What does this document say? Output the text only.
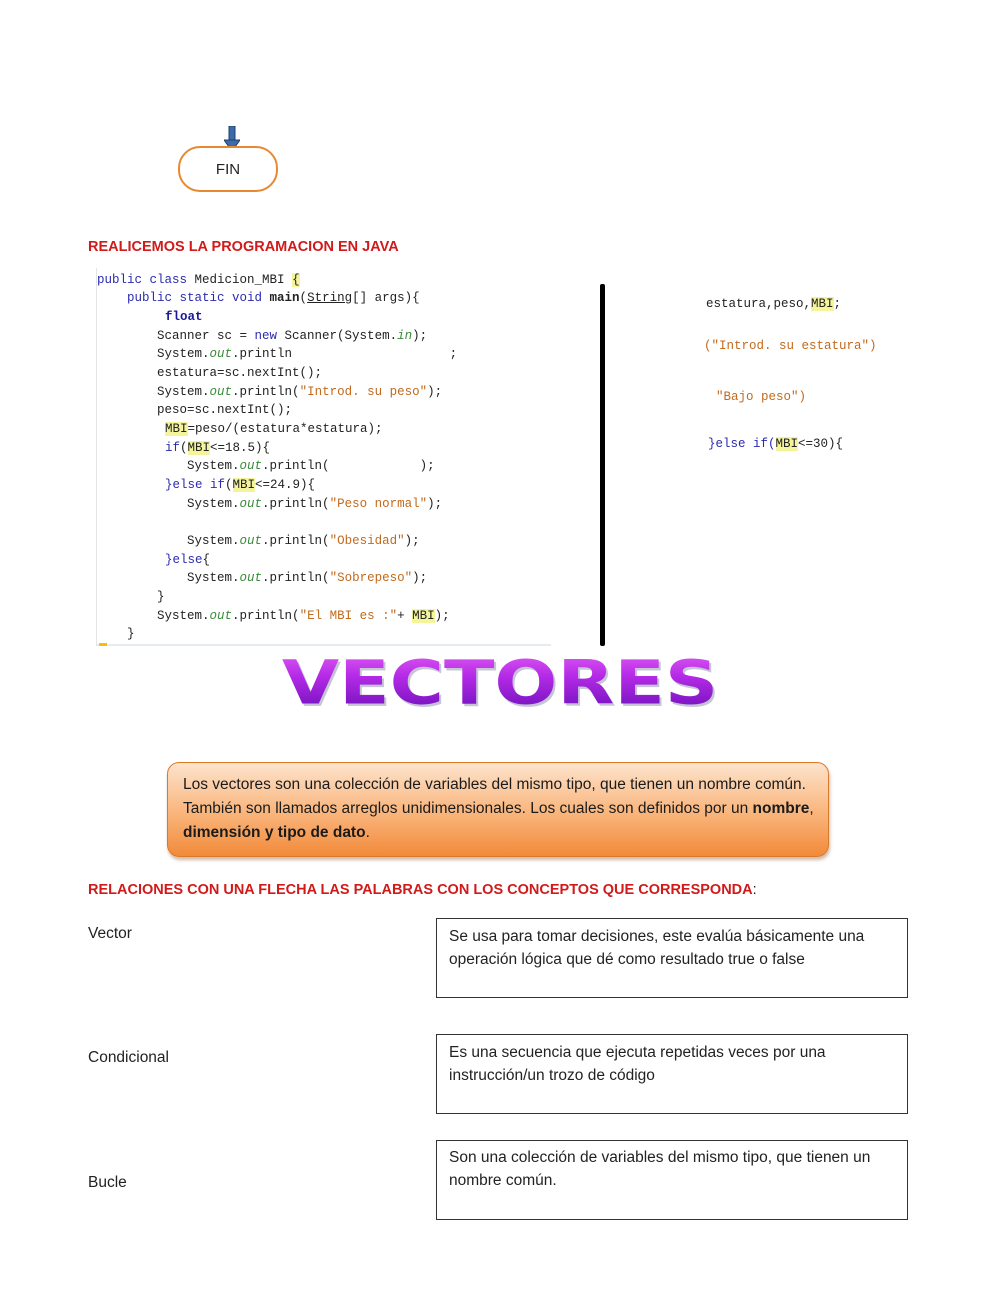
FIN
REALICEMOS LA PROGRAMACION EN JAVA
public class Medicion_MBI {
public static void main(String[] args){
float
Scanner sc = new Scanner(System.in);
System.out.println                     ;
estatura=sc.nextInt();
System.out.println("Introd. su peso");
peso=sc.nextInt();
MBI=peso/(estatura*estatura);
if(MBI<=18.5){
System.out.println(            );
}else if(MBI<=24.9){
System.out.println("Peso normal");
System.out.println("Obesidad");
}else{
System.out.println("Sobrepeso");
}
System.out.println("El MBI es :"+ MBI);
}
estatura,peso,MBI;
("Introd. su estatura")
"Bajo peso")
}else if(MBI<=30){
VECTORES
Los vectores son una colección de variables del mismo tipo, que tienen un nombre común. También son llamados arreglos unidimensionales. Los cuales son definidos por un nombre, dimensión y tipo de dato.
RELACIONES CON UNA FLECHA LAS PALABRAS CON LOS CONCEPTOS QUE CORRESPONDA:
Vector
Condicional
Bucle
Se usa para tomar decisiones, este evalúa básicamente una operación lógica que dé como resultado true o false
Es una secuencia que ejecuta repetidas veces por una instrucción/un trozo de código
Son una colección de variables del mismo tipo, que tienen un nombre común.
